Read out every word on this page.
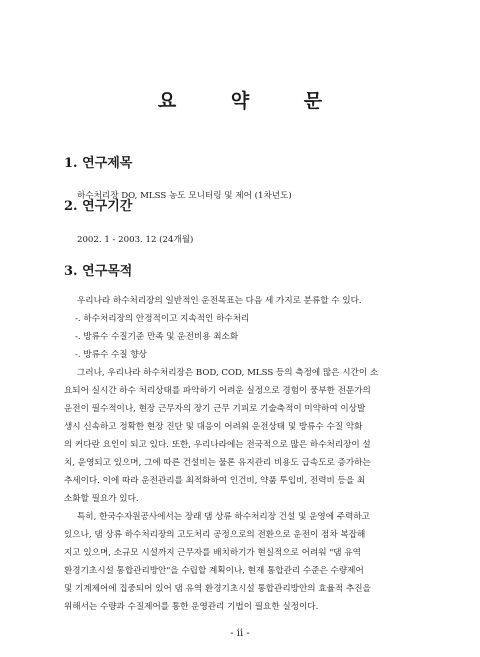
요 약 문
1. 연구제목
하수처리장 DO, MLSS 농도 모니터링 및 제어 (1차년도)
2. 연구기간
2002. 1 - 2003. 12 (24개월)
3. 연구목적
우리나라 하수처리장의 일반적인 운전목표는 다음 세 가지로 분류할 수 있다.
-. 하수처리장의 안정적이고 지속적인 하수처리
-. 방류수 수질기준 만족 및 운전비용 최소화
-. 방류수 수질 향상
그러나, 우리나라 하수처리장은 BOD, COD, MLSS 등의 측정에 많은 시간이 소
요되어 실시간 하수 처리상태를 파악하기 어려운 실정으로 경험이 풍부한 전문가의
운전이 필수적이나, 현장 근무자의 장기 근무 기피로 기술축적이 미약하여 이상발
생시 신속하고 정확한 현장 진단 및 대응이 어려워 운전상태 및 방류수 수질 악화
의 커다란 요인이 되고 있다. 또한, 우리나라에는 전국적으로 많은 하수처리장이 설
치, 운영되고 있으며, 그에 따른 건설비는 물론 유지관리 비용도 급속도로 증가하는
추세이다. 이에 따라 운전관리를 최적화하여 인건비, 약품 투입비, 전력비 등을 최
소화할 필요가 있다.
특히, 한국수자원공사에서는 장래 댐 상류 하수처리장 건설 및 운영에 주력하고
있으나, 댐 상류 하수처리장의 고도처리 공정으로의 전환으로 운전이 점차 복잡해
지고 있으며, 소규모 시설까지 근무자를 배치하기가 현실적으로 어려워 "댐 유역
환경기초시설 통합관리방안"을 수립할 계획이나, 현재 통합관리 수준은 수량제어
및 기계제어에 집중되어 있어 댐 유역 환경기초시설 통합관리방안의 효율적 추진을
위해서는 수량과 수질제어를 통한 운영관리 기법이 필요한 실정이다.
- ii -
